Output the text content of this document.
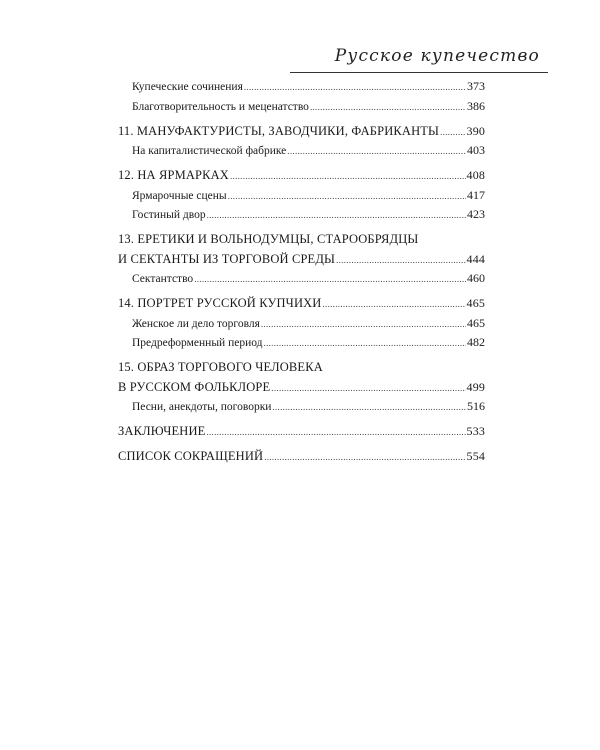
Русское купечество
Купеческие сочинения .....	373
Благотворительность и меценатство .....	386
11. МАНУФАКТУРИСТЫ, ЗАВОДЧИКИ, ФАБРИКАНТЫ ..... 390
На капиталистической фабрике .....	403
12. НА ЯРМАРКАХ .....	408
Ярмарочные сцены .....	417
Гостиный двор .....	423
13. ЕРЕТИКИ И ВОЛЬНОДУМЦЫ, СТАРООБРЯДЦЫ
И СЕКТАНТЫ ИЗ ТОРГОВОЙ СРЕДЫ .....	444
Сектантство .....	460
14. ПОРТРЕТ РУССКОЙ КУПЧИХИ .....	465
Женское ли дело торговля .....	465
Предреформенный период .....	482
15. ОБРАЗ ТОРГОВОГО ЧЕЛОВЕКА
В РУССКОМ ФОЛЬКЛОРЕ .....	499
Песни, анекдоты, поговорки .....	516
ЗАКЛЮЧЕНИЕ .....	533
СПИСОК СОКРАЩЕНИЙ .....	554
